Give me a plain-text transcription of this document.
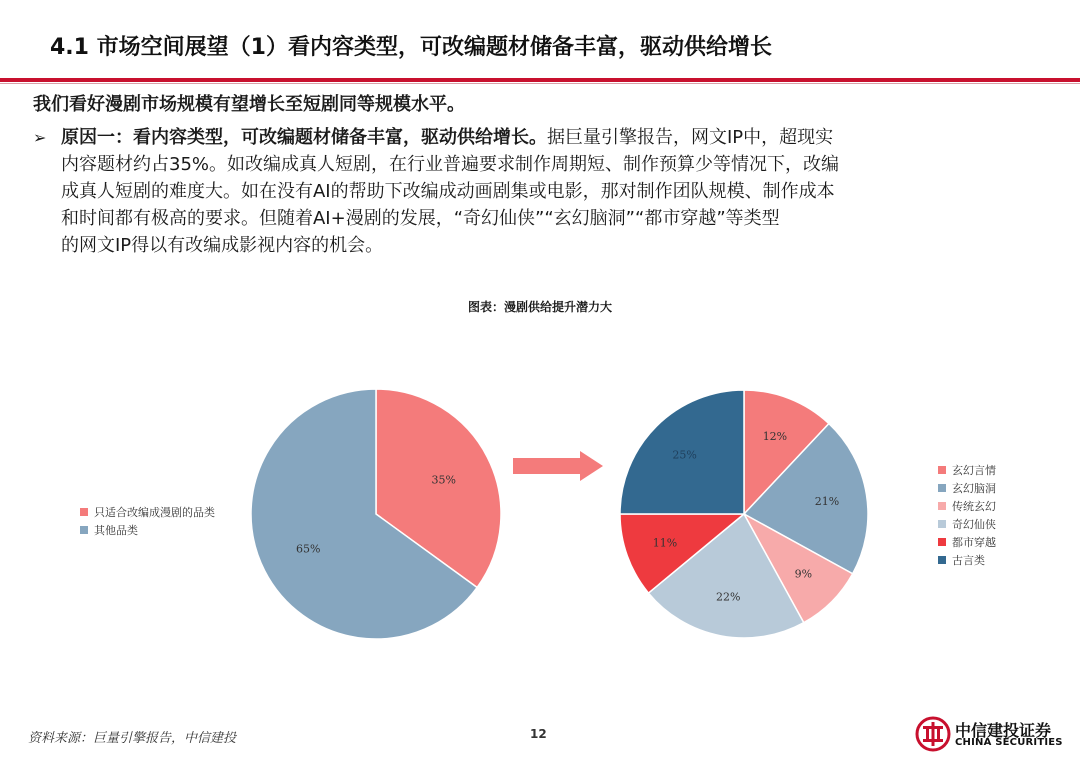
4.1 市场空间展望（1）看内容类型，可改编题材储备丰富，驱动供给增长
我们看好漫剧市场规模有望增长至短剧同等规模水平。
➢ 原因一：看内容类型，可改编题材储备丰富，驱动供给增长。据巨量引擎报告，网文IP中，超现实
内容题材约占35%。如改编成真人短剧，在行业普遍要求制作周期短、制作预算少等情况下，改编
成真人短剧的难度大。如在没有AI的帮助下改编成动画剧集或电影，那对制作团队规模、制作成本
和时间都有极高的要求。但随着AI+漫剧的发展，“奇幻仙侠”“玄幻脑洞”“都市穿越”等类型
的网文IP得以有改编成影视内容的机会。
图表：漫剧供给提升潜力大
35%
65%
12%
21%
9%
22%
11%
25%
只适合改编成漫剧的品类
其他品类
玄幻言情
玄幻脑洞
传统玄幻
奇幻仙侠
都市穿越
古言类
资料来源：巨量引擎报告，中信建投	12	中信建投证券
CHINA SECURITIES
